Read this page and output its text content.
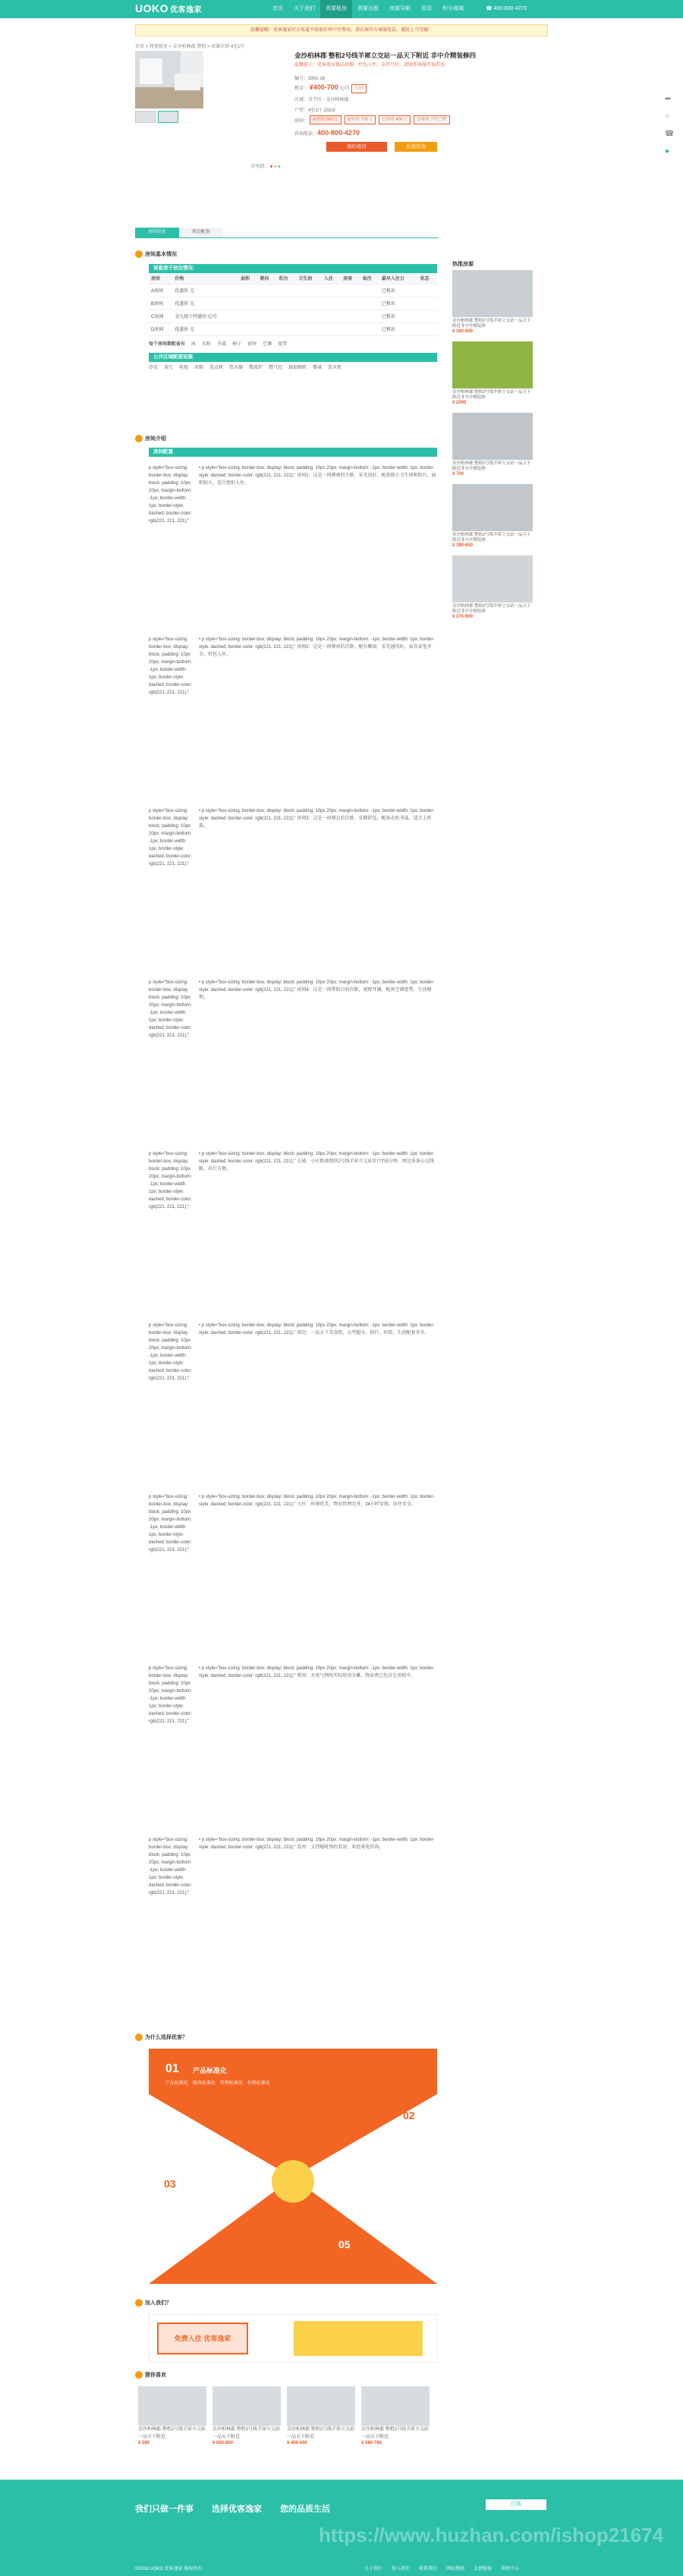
UOKO 优客逸家	首页	关于我们	我要租房	我要出租	房源导航	资讯	积分商城	☎ 400-800-4270
温馨提醒：优客逸家官方渠道不收取任何中介费用，请认准官方客服电话，谨防上当受骗！
首页 > 我要租房 > 金沙柏林郡 整租 > 房源详情 4室1厅
金沙柏林郡 整租2号线羊犀立交站一品天下附近 非中介精装修四
温馨提示：优客逸家精品房源，拎包入住，支持月付，请联系客服咨询看房。
编号：3301-16
租金： ¥400-700 元/月 月付
区域：青羊区 - 金沙柏林郡
户型：4室1厅 102㎡
房间：	A房间 500元	B房间 700元	C房间 400元	D房间 7月已租
咨询电话：400-800-4270
预约看房	在线咨询
分享到： ● ● ●
房间信息	周边配套
房间基本情况
该套房子居住情况：
房间	价格	面积	朝向	阳台	卫生间	入住	房客	备注	最早入住日	状态
A房间	优惠价 元								已租出	
B房间	优惠价 元								已租出	
C房间	金九银十特惠价元/月								已租出	
D房间	优惠价 元								已租出	
每个房间都配备有 床 衣柜 书桌 椅子 窗帘 空调 宽带
公共区域配套设施
沙发 茶几 电视 冰箱 洗衣机 热水器 微波炉 燃气灶 抽油烟机 餐桌 饮水机
房间介绍
房间配置
p style="box-sizing: border-box; display: block; padding: 10px 20px; margin-bottom: -1px; border-width: 1px; border-style: dashed; border-color: rgb(221, 221, 221);"
• p style="box-sizing: border-box; display: block; padding: 10px 20px; margin-bottom: -1px; border-width: 1px; border-style: dashed; border-color: rgb(221, 221, 221);" 房间1：这是一间朝南的主卧，采光很好，配备独立卫生间和阳台，面积较大，适合情侣入住。
p style="box-sizing: border-box; display: block; padding: 10px 20px; margin-bottom: -1px; border-width: 1px; border-style: dashed; border-color: rgb(221, 221, 221);"
• p style="box-sizing: border-box; display: block; padding: 10px 20px; margin-bottom: -1px; border-width: 1px; border-style: dashed; border-color: rgb(221, 221, 221);" 房间2：这是一间朝南的次卧，配有飘窗，采光通风好，家具家电齐全，拎包入住。
p style="box-sizing: border-box; display: block; padding: 10px 20px; margin-bottom: -1px; border-width: 1px; border-style: dashed; border-color: rgb(221, 221, 221);"
• p style="box-sizing: border-box; display: block; padding: 10px 20px; margin-bottom: -1px; border-width: 1px; border-style: dashed; border-color: rgb(221, 221, 221);" 房间3：这是一间朝北的次卧，安静舒适，配备衣柜书桌，适合上班族。
p style="box-sizing: border-box; display: block; padding: 10px 20px; margin-bottom: -1px; border-width: 1px; border-style: dashed; border-color: rgb(221, 221, 221);"
• p style="box-sizing: border-box; display: block; padding: 10px 20px; margin-bottom: -1px; border-width: 1px; border-style: dashed; border-color: rgb(221, 221, 221);" 房间4：这是一间带阳台的次卧，视野开阔，配备空调宽带，生活便利。
p style="box-sizing: border-box; display: block; padding: 10px 20px; margin-bottom: -1px; border-width: 1px; border-style: dashed; border-color: rgb(221, 221, 221);"
• p style="box-sizing: border-box; display: block; padding: 10px 20px; margin-bottom: -1px; border-width: 1px; border-style: dashed; border-color: rgb(221, 221, 221);" 交通：小区距离地铁2号线羊犀立交站步行约5分钟，周边多条公交线路，出行方便。
p style="box-sizing: border-box; display: block; padding: 10px 20px; margin-bottom: -1px; border-width: 1px; border-style: dashed; border-color: rgb(221, 221, 221);"
• p style="box-sizing: border-box; display: block; padding: 10px 20px; margin-bottom: -1px; border-width: 1px; border-style: dashed; border-color: rgb(221, 221, 221);" 周边：一品天下美食街、大型超市、银行、医院，生活配套齐全。
p style="box-sizing: border-box; display: block; padding: 10px 20px; margin-bottom: -1px; border-width: 1px; border-style: dashed; border-color: rgb(221, 221, 221);"
• p style="box-sizing: border-box; display: block; padding: 10px 20px; margin-bottom: -1px; border-width: 1px; border-style: dashed; border-color: rgb(221, 221, 221);" 小区：环境优美，物业管理完善，24小时安保，居住安全。
p style="box-sizing: border-box; display: block; padding: 10px 20px; margin-bottom: -1px; border-width: 1px; border-style: dashed; border-color: rgb(221, 221, 221);"
• p style="box-sizing: border-box; display: block; padding: 10px 20px; margin-bottom: -1px; border-width: 1px; border-style: dashed; border-color: rgb(221, 221, 221);" 费用：水电气网按实际使用分摊，物业费已包含在房租中。
p style="box-sizing: border-box; display: block; padding: 10px 20px; margin-bottom: -1px; border-width: 1px; border-style: dashed; border-color: rgb(221, 221, 221);"
• p style="box-sizing: border-box; display: block; padding: 10px 20px; margin-bottom: -1px; border-width: 1px; border-style: dashed; border-color: rgb(221, 221, 221);" 看房：支持随时预约看房，欢迎来电咨询。
为什么选择优客？
01 产品标准化
产品标准化 服务标准化 管理标准化 价格标准化
02
03
04
05
加入我们？
免费入住 优客逸家
猜你喜欢
金沙柏林郡 整租2号线羊犀立交站一品天下附近
¥ 580
金沙柏林郡 整租2号线羊犀立交站一品天下附近
¥ 650-800
金沙柏林郡 整租2号线羊犀立交站一品天下附近
¥ 450-600
金沙柏林郡 整租2号线羊犀立交站一品天下附近
¥ 580-780
热推房源
金沙柏林郡 整租2号线羊犀立交站一品天下附近非中介精装修
¥ 380-600
金沙柏林郡 整租2号线羊犀立交站一品天下附近非中介精装修
¥ 2000
金沙柏林郡 整租2号线羊犀立交站一品天下附近非中介精装修
¥ 700
金沙柏林郡 整租2号线羊犀立交站一品天下附近非中介精装修
¥ 380-650
金沙柏林郡 整租2号线羊犀立交站一品天下附近非中介精装修
¥ 370-600
➦
○
☎
●
我们只做一件事 选择优客逸家 您的品质生活
https://www.huzhan.com/ishop21674
订阅
©2016 UOKO 优客逸家 版权所有	关于我们 加入我们 联系我们 网站地图 友情链接 帮助中心
